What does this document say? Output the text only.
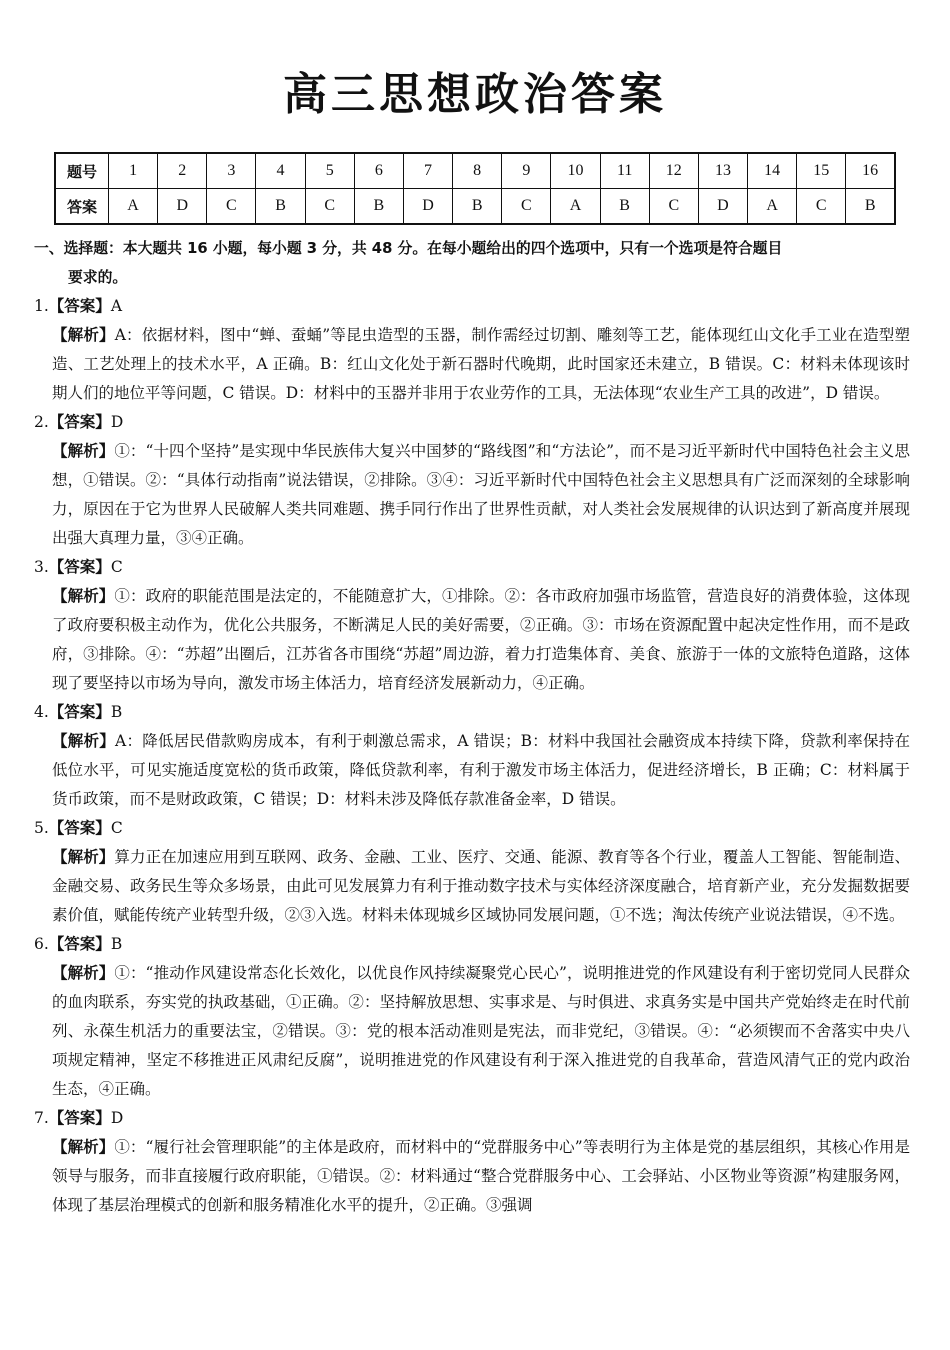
高三思想政治答案
题号	1	2	3	4	5	6	7	8	9	10	11	12	13	14	15	16
答案	A	D	C	B	C	B	D	B	C	A	B	C	D	A	C	B
一、选择题：本大题共 16 小题，每小题 3 分，共 48 分。在每小题给出的四个选项中，只有一个选项是符合题目
要求的。
1.【答案】A
【解析】A：依据材料，图中“蝉、蚕蛹”等昆虫造型的玉器，制作需经过切割、雕刻等工艺，能体现红山文化手工业在造型塑造、工艺处理上的技术水平，A 正确。B：红山文化处于新石器时代晚期，此时国家还未建立，B 错误。C：材料未体现该时期人们的地位平等问题，C 错误。D：材料中的玉器并非用于农业劳作的工具，无法体现“农业生产工具的改进”，D 错误。
2.【答案】D
【解析】①：“十四个坚持”是实现中华民族伟大复兴中国梦的“路线图”和“方法论”，而不是习近平新时代中国特色社会主义思想，①错误。②：“具体行动指南”说法错误，②排除。③④：习近平新时代中国特色社会主义思想具有广泛而深刻的全球影响力，原因在于它为世界人民破解人类共同难题、携手同行作出了世界性贡献，对人类社会发展规律的认识达到了新高度并展现出强大真理力量，③④正确。
3.【答案】C
【解析】①：政府的职能范围是法定的，不能随意扩大，①排除。②：各市政府加强市场监管，营造良好的消费体验，这体现了政府要积极主动作为，优化公共服务，不断满足人民的美好需要，②正确。③：市场在资源配置中起决定性作用，而不是政府，③排除。④：“苏超”出圈后，江苏省各市围绕“苏超”周边游，着力打造集体育、美食、旅游于一体的文旅特色道路，这体现了要坚持以市场为导向，激发市场主体活力，培育经济发展新动力，④正确。
4.【答案】B
【解析】A：降低居民借款购房成本，有利于刺激总需求，A 错误；B：材料中我国社会融资成本持续下降，贷款利率保持在低位水平，可见实施适度宽松的货币政策，降低贷款利率，有利于激发市场主体活力，促进经济增长，B 正确；C：材料属于货币政策，而不是财政政策，C 错误；D：材料未涉及降低存款准备金率，D 错误。
5.【答案】C
【解析】算力正在加速应用到互联网、政务、金融、工业、医疗、交通、能源、教育等各个行业，覆盖人工智能、智能制造、金融交易、政务民生等众多场景，由此可见发展算力有利于推动数字技术与实体经济深度融合，培育新产业，充分发掘数据要素价值，赋能传统产业转型升级，②③入选。材料未体现城乡区域协同发展问题，①不选；淘汰传统产业说法错误，④不选。
6.【答案】B
【解析】①：“推动作风建设常态化长效化，以优良作风持续凝聚党心民心”，说明推进党的作风建设有利于密切党同人民群众的血肉联系，夯实党的执政基础，①正确。②：坚持解放思想、实事求是、与时俱进、求真务实是中国共产党始终走在时代前列、永葆生机活力的重要法宝，②错误。③：党的根本活动准则是宪法，而非党纪，③错误。④：“必须锲而不舍落实中央八项规定精神，坚定不移推进正风肃纪反腐”，说明推进党的作风建设有利于深入推进党的自我革命，营造风清气正的党内政治生态，④正确。
7.【答案】D
【解析】①：“履行社会管理职能”的主体是政府，而材料中的“党群服务中心”等表明行为主体是党的基层组织，其核心作用是领导与服务，而非直接履行政府职能，①错误。②：材料通过“整合党群服务中心、工会驿站、小区物业等资源”构建服务网，体现了基层治理模式的创新和服务精准化水平的提升，②正确。③强调
